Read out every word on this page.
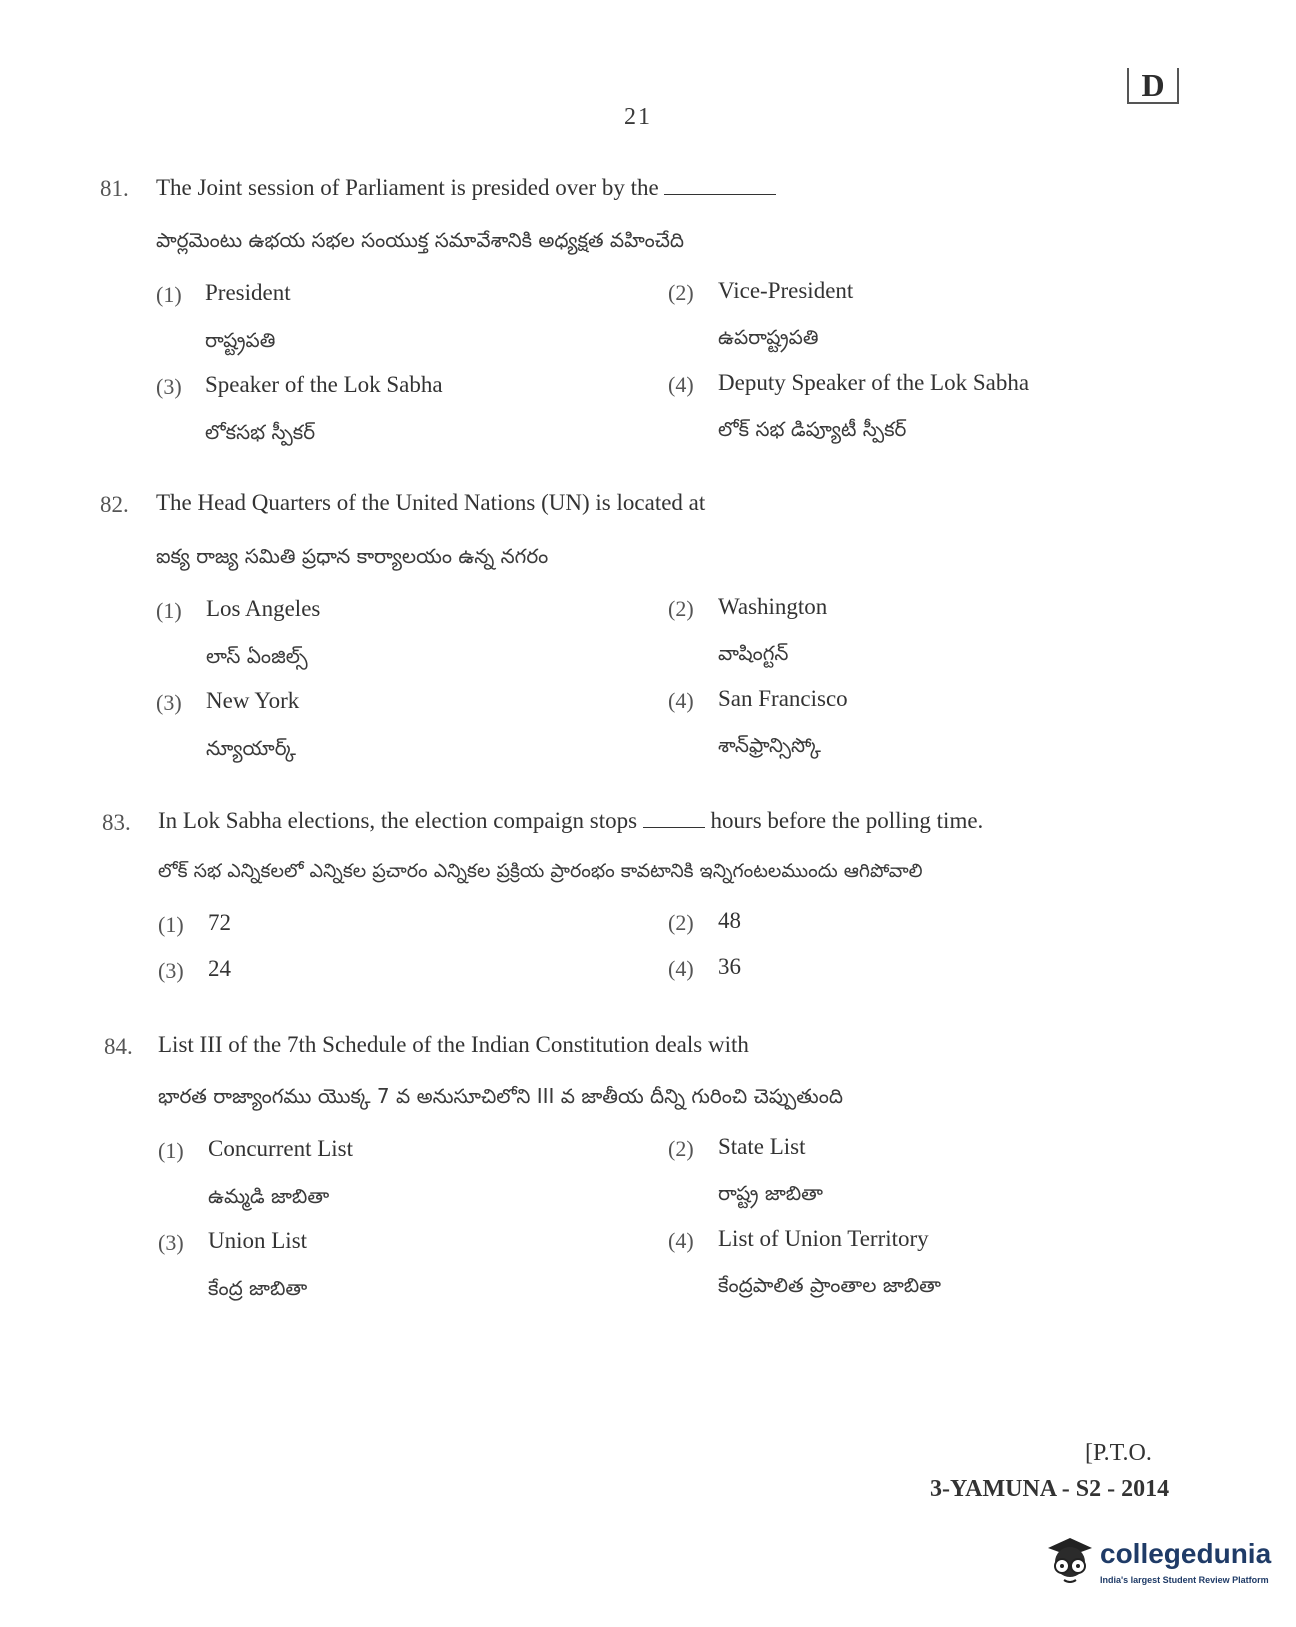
D
21
81. The Joint session of Parliament is presided over by the
పార్లమెంటు ఉభయ సభల సంయుక్త సమావేశానికి అధ్యక్షత వహించేది
(1) President
రాష్ట్రపతి
(2) Vice-President
ఉపరాష్ట్రపతి
(3) Speaker of the Lok Sabha
లోకసభ స్పీకర్
(4) Deputy Speaker of the Lok Sabha
లోక్ సభ డిప్యూటీ స్పీకర్
82. The Head Quarters of the United Nations (UN) is located at
ఐక్య రాజ్య సమితి ప్రధాన కార్యాలయం ఉన్న నగరం
(1) Los Angeles
లాస్ ఏంజిల్స్
(2) Washington
వాషింగ్టన్
(3) New York
న్యూయార్క్
(4) San Francisco
శాన్‌ఫ్రాన్సిస్కో
83. In Lok Sabha elections, the election compaign stops	hours before the polling time.
లోక్ సభ ఎన్నికలలో ఎన్నికల ప్రచారం ఎన్నికల ప్రక్రియ ప్రారంభం కావటానికి ఇన్నిగంటలముందు ఆగిపోవాలి
(1) 72	(2) 48
(3) 24	(4) 36
84. List III of the 7th Schedule of the Indian Constitution deals with
భారత రాజ్యాంగము యొక్క 7 వ అనుసూచిలోని III వ జాతీయ దీన్ని గురించి చెప్పుతుంది
(1) Concurrent List
ఉమ్మడి జాబితా
(2) State List
రాష్ట్ర జాబితా
(3) Union List
కేంద్ర జాబితా
(4) List of Union Territory
కేంద్రపాలిత ప్రాంతాల జాబితా
[P.T.O.
3-YAMUNA - S2 - 2014
collegedunia
India's largest Student Review Platform
